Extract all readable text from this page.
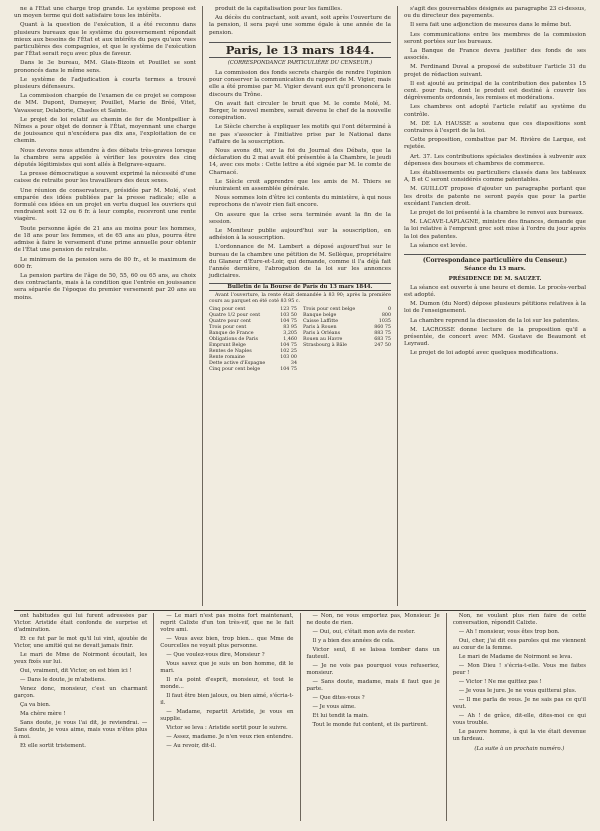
ne à l'État une charge trop grande. Le système proposé est un moyen terme qui doit satisfaire tous les intérêts.

Quant à la question de l'exécution, il a été reconnu dans plusieurs bureaux que le système du gouvernement répondait mieux aux besoins de l'État et aux intérêts du pays qu'aux vues particulières des compagnies, et que le système de l'exécution par l'État serait reçu avec plus de faveur.

Dans le 3e bureau, MM. Glais-Bizoin et Pouillet se sont prononcés dans le même sens.

Le système de l'adjudication à courts termes a trouvé plusieurs défenseurs.

La commission chargée de l'examen de ce projet se compose de MM. Dupont, Dumeyer, Pouillet, Marie de Bréé, Vitet, Vavasseur, Delaborie, Chasles et Sainte.

Le projet de loi relatif au chemin de fer de Montpellier à Nîmes a pour objet de donner à l'État, moyennant une charge de jouissance qui n'excédera pas dix ans, l'exploitation de ce chemin.

Nous devons nous attendre à des débats très-graves lorsque la chambre sera appelée à vérifier les pouvoirs des cinq députés légitimistes qui sont allés à Belgrave-square.

La presse démocratique a souvent exprimé la nécessité d'une caisse de retraite pour les travailleurs des deux sexes.

Une réunion de conservateurs, présidée par M. Molé, s'est emparée des idées publiées par la presse radicale; elle a formulé ces idées en un projet en vertu duquel les ouvriers qui rendraient soit 12 ou 6 fr. à leur compte, recevront une rente viagère.

Toute personne âgée de 21 ans au moins pour les hommes, de 18 ans pour les femmes, et de 65 ans au plus, pourra être admise à faire le versement d'une prime annuelle pour obtenir de l'État une pension de retraite.

Le minimum de la pension sera de 80 fr., et le maximum de 600 fr.

La pension partira de l'âge de 50, 55, 60 ou 65 ans, au choix des contractants, mais à la condition que l'entrée en jouissance sera séparée de l'époque du premier versement par 20 ans au moins.

produit de la capitalisation pour les familles.

Au décès du contractant, soit avant, soit après l'ouverture de la pension, il sera payé une somme égale à une année de la pension.

Paris, le 13 mars 1844.
(CORRESPONDANCE PARTICULIÈRE DU CENSEUR.)

La commission des fonds secrets chargée de rendre l'opinion pour conserver la communication du rapport de M. Vigier, mais elle a été promise par M. Vigier devant eux qu'il prononcera le discours du Trône.

On avait fait circuler le bruit que M. le comte Molé, M. Berger, le nouvel membre, serait devenu le chef de la nouvelle conspiration.

Le Siècle cherche à expliquer les motifs qui l'ont déterminé à ne pas s'associer à l'initiative prise par le National dans l'affaire de la souscription.

Nous avons dit, sur la foi du Journal des Débats, que la déclaration du 2 mai avait été présentée à la Chambre, le jeudi 14, avec ces mots : Cette lettre a été signée par M. le comte de Charnacé.

Le Siècle croit apprendre que les amis de M. Thiers se réuniraient en assemblée générale.

Nous sommes loin d'être ici contents du ministère, à qui nous reprochons de n'avoir rien fait encore.

On assure que la crise sera terminée avant la fin de la session.

Le Moniteur publie aujourd'hui sur la souscription, en adhésion à la souscription.

L'ordonnance de M. Lambert a déposé aujourd'hui sur le bureau de la chambre une pétition de M. Sellèque, propriétaire du Glaneur d'Eure-et-Loir, qui demande, comme il l'a déjà fait l'année dernière, l'abrogation de la loi sur les annonces judiciaires.

Bulletin de la Bourse de Paris du 13 mars 1844.

Avant l'ouverture, la rente était demandée à 83 90; après la première cours au parquet en été coté 83 95 c.

Cinq pour cent	123 75
Quatre 1/2 pour cent	103 50
Quatre pour cent	104 75
Trois pour cent	83 95
Banque de France	3,205
Obligations de Paris	1,460
Emprunt Belge	104 75
Rentes de Naples	102 25
Rente romaine	103 00
Dette active d'Espagne	34
Cinq pour cent belge	104 75
Trois pour cent belge	0
Banque belge	800
Caisse Laffitte	1035
Paris à Rouen	860 75
Paris à Orléans	883 75
Rouen au Havre	683 75
Strasbourg à Bâle	247 50

s'agit des gouvernables désignés au paragraphe 23 ci-dessus, ou du directeur des payements.

Il sera fait une adjonction de mesures dans le même but.

Les communications entre les membres de la commission seront portées sur les bureaux.

La Banque de France devra justifier des fonds de ses associés.

M. Ferdinand Duval a proposé de substituer l'article 31 du projet de rédaction suivant.

Il est ajouté au principal de la contribution des patentes 15 cent. pour frais, dont le produit est destiné à couvrir les dégrèvements ordonnés, les remises et modérations.

Les chambres ont adopté l'article relatif au système du contrôle.

M. DE LA HAUSSE a soutenu que ces dispositions sont contraires à l'esprit de la loi.

Cette proposition, combattue par M. Rivière de Larque, est rejetée.

Art. 37. Les contributions spéciales destinées à subvenir aux dépenses des bourses et chambres de commerce.

Les établissements ou particuliers classés dans les tableaux A, B et C seront considérés comme patentables.

M. GUILLOT propose d'ajouter un paragraphe portant que les droits de patente ne seront payés que pour la partie excédant l'ancien droit.

Le projet de loi présenté à la chambre le renvoi aux bureaux.

M. LACAVE-LAPLAGNE, ministre des finances, demande que la loi relative à l'emprunt grec soit mise à l'ordre du jour après la loi des patentes.

La séance est levée.

(Correspondance particulière du Censeur.)

Séance du 13 mars.

PRÉSIDENCE DE M. SAUZET.

La séance est ouverte à une heure et demie. Le procès-verbal est adopté.

M. Dumon (du Nord) dépose plusieurs pétitions relatives à la loi de l'enseignement.

La chambre reprend la discussion de la loi sur les patentes.

M. LACROSSE donne lecture de la proposition qu'il a présentée, de concert avec MM. Gustave de Beaumont et Leyraud.

Le projet de loi adopté avec quelques modifications.

ont habitudes qui lui furent adressées par Victor. Aristide était confondu de surprise et d'admiration.

Et ce fut par le mot qu'il lui vint, ajoutée de Victor, une amitié qui ne devait jamais finir.

Le mari de Mme de Noirmont écoutait, les yeux fixés sur lui.

Oui, vraiment, dit Victor, on est bien ici !

— Dans le doute, je m'abstiens.

Venez donc, monsieur, c'est un charmant garçon.

Ça va bien.

Ma chère mère !

Sans doute, je vous l'ai dit, je reviendrai. — Sans doute, je vous aime, mais vous n'êtes plus à moi.

Et elle sortit tristement.

— Le mari n'est pas moins fort maintenant, reprit Calixte d'un ton très-vif, que ne le fait votre ami.

— Vous avez bien, trop bien... que Mme de Courcelles ne voyait plus personne.

— Que voulez-vous dire, Monsieur ?

Vous savez que je suis un bon homme, dit le mari.

Il n'a point d'esprit, monsieur, et tout le monde...

Il faut être bien jaloux, ou bien aimé, s'écria-t-il.

— Madame, repartit Aristide, je vous en supplie.

Victor se leva : Aristide sortit pour le suivre.

— Assez, madame. Je n'en veux rien entendre.

— Au revoir, dit-il.

— Non, ne vous emportez pas, Monsieur. Je ne doute de rien.

— Oui, oui, c'était mon avis de rester.

Il y a bien des années de cela.

Victor seul, il se laissa tomber dans un fauteuil.

— Je ne vois pas pourquoi vous refuseriez, monsieur.

— Sans doute, madame, mais il faut que je parte.

— Que dites-vous ?

— Je vous aime.

Et lui tendit la main.

Tout le monde fut content, et ils partirent.

Non, ne voulant plus rien faire de cette conversation, répondit Calixte.

— Ah ! monsieur, vous êtes trop bon.

Oui, cher, j'ai dit ces paroles qui me viennent au cœur de la femme.

Le mari de Madame de Noirmont se leva.

— Mon Dieu ! s'écria-t-elle. Vous me faites peur !

— Victor ! Ne me quittez pas !

— Je vous le jure. Je ne vous quitterai plus.

— Il me parla de vous. Je ne sais pas ce qu'il veut.

— Ah ! de grâce, dit-elle, dites-moi ce qui vous trouble.

Le pauvre homme, à qui la vie était devenue un fardeau.

(La suite à un prochain numéro.)
